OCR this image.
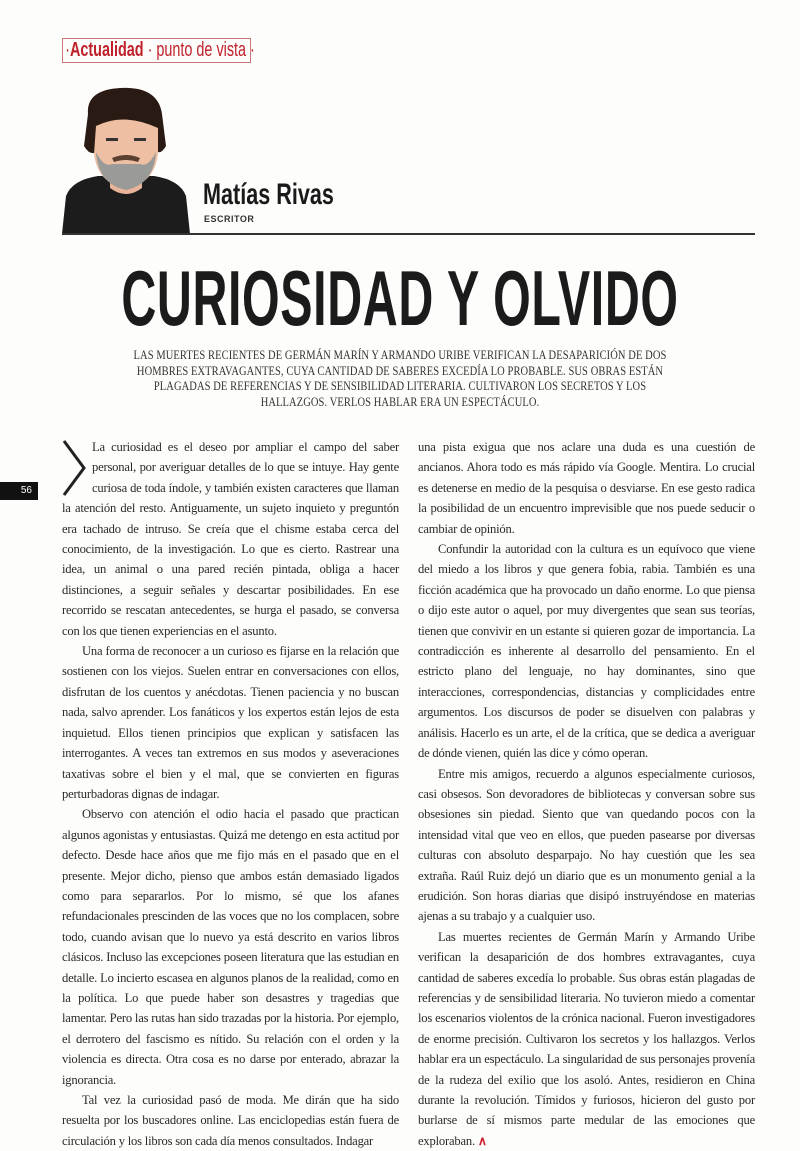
·Actualidad · punto de vista ·
Matías Rivas
ESCRITOR
56
CURIOSIDAD Y OLVIDO
LAS MUERTES RECIENTES DE GERMÁN MARÍN Y ARMANDO URIBE VERIFICAN LA DESAPARICIÓN DE DOS HOMBRES EXTRAVAGANTES, CUYA CANTIDAD DE SABERES EXCEDÍA LO PROBABLE. SUS OBRAS ESTÁN PLAGADAS DE REFERENCIAS Y DE SENSIBILIDAD LITERARIA. CULTIVARON LOS SECRETOS Y LOS HALLAZGOS. VERLOS HABLAR ERA UN ESPECTÁCULO.

La curiosidad es el deseo por ampliar el campo del saber personal, por averiguar detalles de lo que se intuye. Hay gente curiosa de toda índole, y también existen caracteres que llaman la atención del resto. Antiguamente, un sujeto inquieto y preguntón era tachado de intruso. Se creía que el chisme estaba cerca del conocimiento, de la investigación. Lo que es cierto. Rastrear una idea, un animal o una pared recién pintada, obliga a hacer distinciones, a seguir señales y descartar posibilidades. En ese recorrido se rescatan antecedentes, se hurga el pasado, se conversa con los que tienen experiencias en el asunto.

Una forma de reconocer a un curioso es fijarse en la relación que sostienen con los viejos. Suelen entrar en conversaciones con ellos, disfrutan de los cuentos y anécdotas. Tienen paciencia y no buscan nada, salvo aprender. Los fanáticos y los expertos están lejos de esta inquietud. Ellos tienen principios que explican y satisfacen las interrogantes. A veces tan extremos en sus modos y aseveraciones taxativas sobre el bien y el mal, que se convierten en figuras perturbadoras dignas de indagar.

Observo con atención el odio hacia el pasado que practican algunos agonistas y entusiastas. Quizá me detengo en esta actitud por defecto. Desde hace años que me fijo más en el pasado que en el presente. Mejor dicho, pienso que ambos están demasiado ligados como para separarlos. Por lo mismo, sé que los afanes refundacionales prescinden de las voces que no los complacen, sobre todo, cuando avisan que lo nuevo ya está descrito en varios libros clásicos. Incluso las excepciones poseen literatura que las estudian en detalle. Lo incierto escasea en algunos planos de la realidad, como en la política. Lo que puede haber son desastres y tragedias que lamentar. Pero las rutas han sido trazadas por la historia. Por ejemplo, el derrotero del fascismo es nítido. Su relación con el orden y la violencia es directa. Otra cosa es no darse por enterado, abrazar la ignorancia.

Tal vez la curiosidad pasó de moda. Me dirán que ha sido resuelta por los buscadores online. Las enciclopedias están fuera de circulación y los libros son cada día menos consultados. Indagar

una pista exigua que nos aclare una duda es una cuestión de ancianos. Ahora todo es más rápido vía Google. Mentira. Lo crucial es detenerse en medio de la pesquisa o desviarse. En ese gesto radica la posibilidad de un encuentro imprevisible que nos puede seducir o cambiar de opinión.

Confundir la autoridad con la cultura es un equívoco que viene del miedo a los libros y que genera fobia, rabia. También es una ficción académica que ha provocado un daño enorme. Lo que piensa o dijo este autor o aquel, por muy divergentes que sean sus teorías, tienen que convivir en un estante si quieren gozar de importancia. La contradicción es inherente al desarrollo del pensamiento. En el estricto plano del lenguaje, no hay dominantes, sino que interacciones, correspondencias, distancias y complicidades entre argumentos. Los discursos de poder se disuelven con palabras y análisis. Hacerlo es un arte, el de la crítica, que se dedica a averiguar de dónde vienen, quién las dice y cómo operan.

Entre mis amigos, recuerdo a algunos especialmente curiosos, casi obsesos. Son devoradores de bibliotecas y conversan sobre sus obsesiones sin piedad. Siento que van quedando pocos con la intensidad vital que veo en ellos, que pueden pasearse por diversas culturas con absoluto desparpajo. No hay cuestión que les sea extraña. Raúl Ruiz dejó un diario que es un monumento genial a la erudición. Son horas diarias que disipó instruyéndose en materias ajenas a su trabajo y a cualquier uso.

Las muertes recientes de Germán Marín y Armando Uribe verifican la desaparición de dos hombres extravagantes, cuya cantidad de saberes excedía lo probable. Sus obras están plagadas de referencias y de sensibilidad literaria. No tuvieron miedo a comentar los escenarios violentos de la crónica nacional. Fueron investigadores de enorme precisión. Cultivaron los secretos y los hallazgos. Verlos hablar era un espectáculo. La singularidad de sus personajes provenía de la rudeza del exilio que los asoló. Antes, residieron en China durante la revolución. Tímidos y furiosos, hicieron del gusto por burlarse de sí mismos parte medular de las emociones que exploraban. ∧
